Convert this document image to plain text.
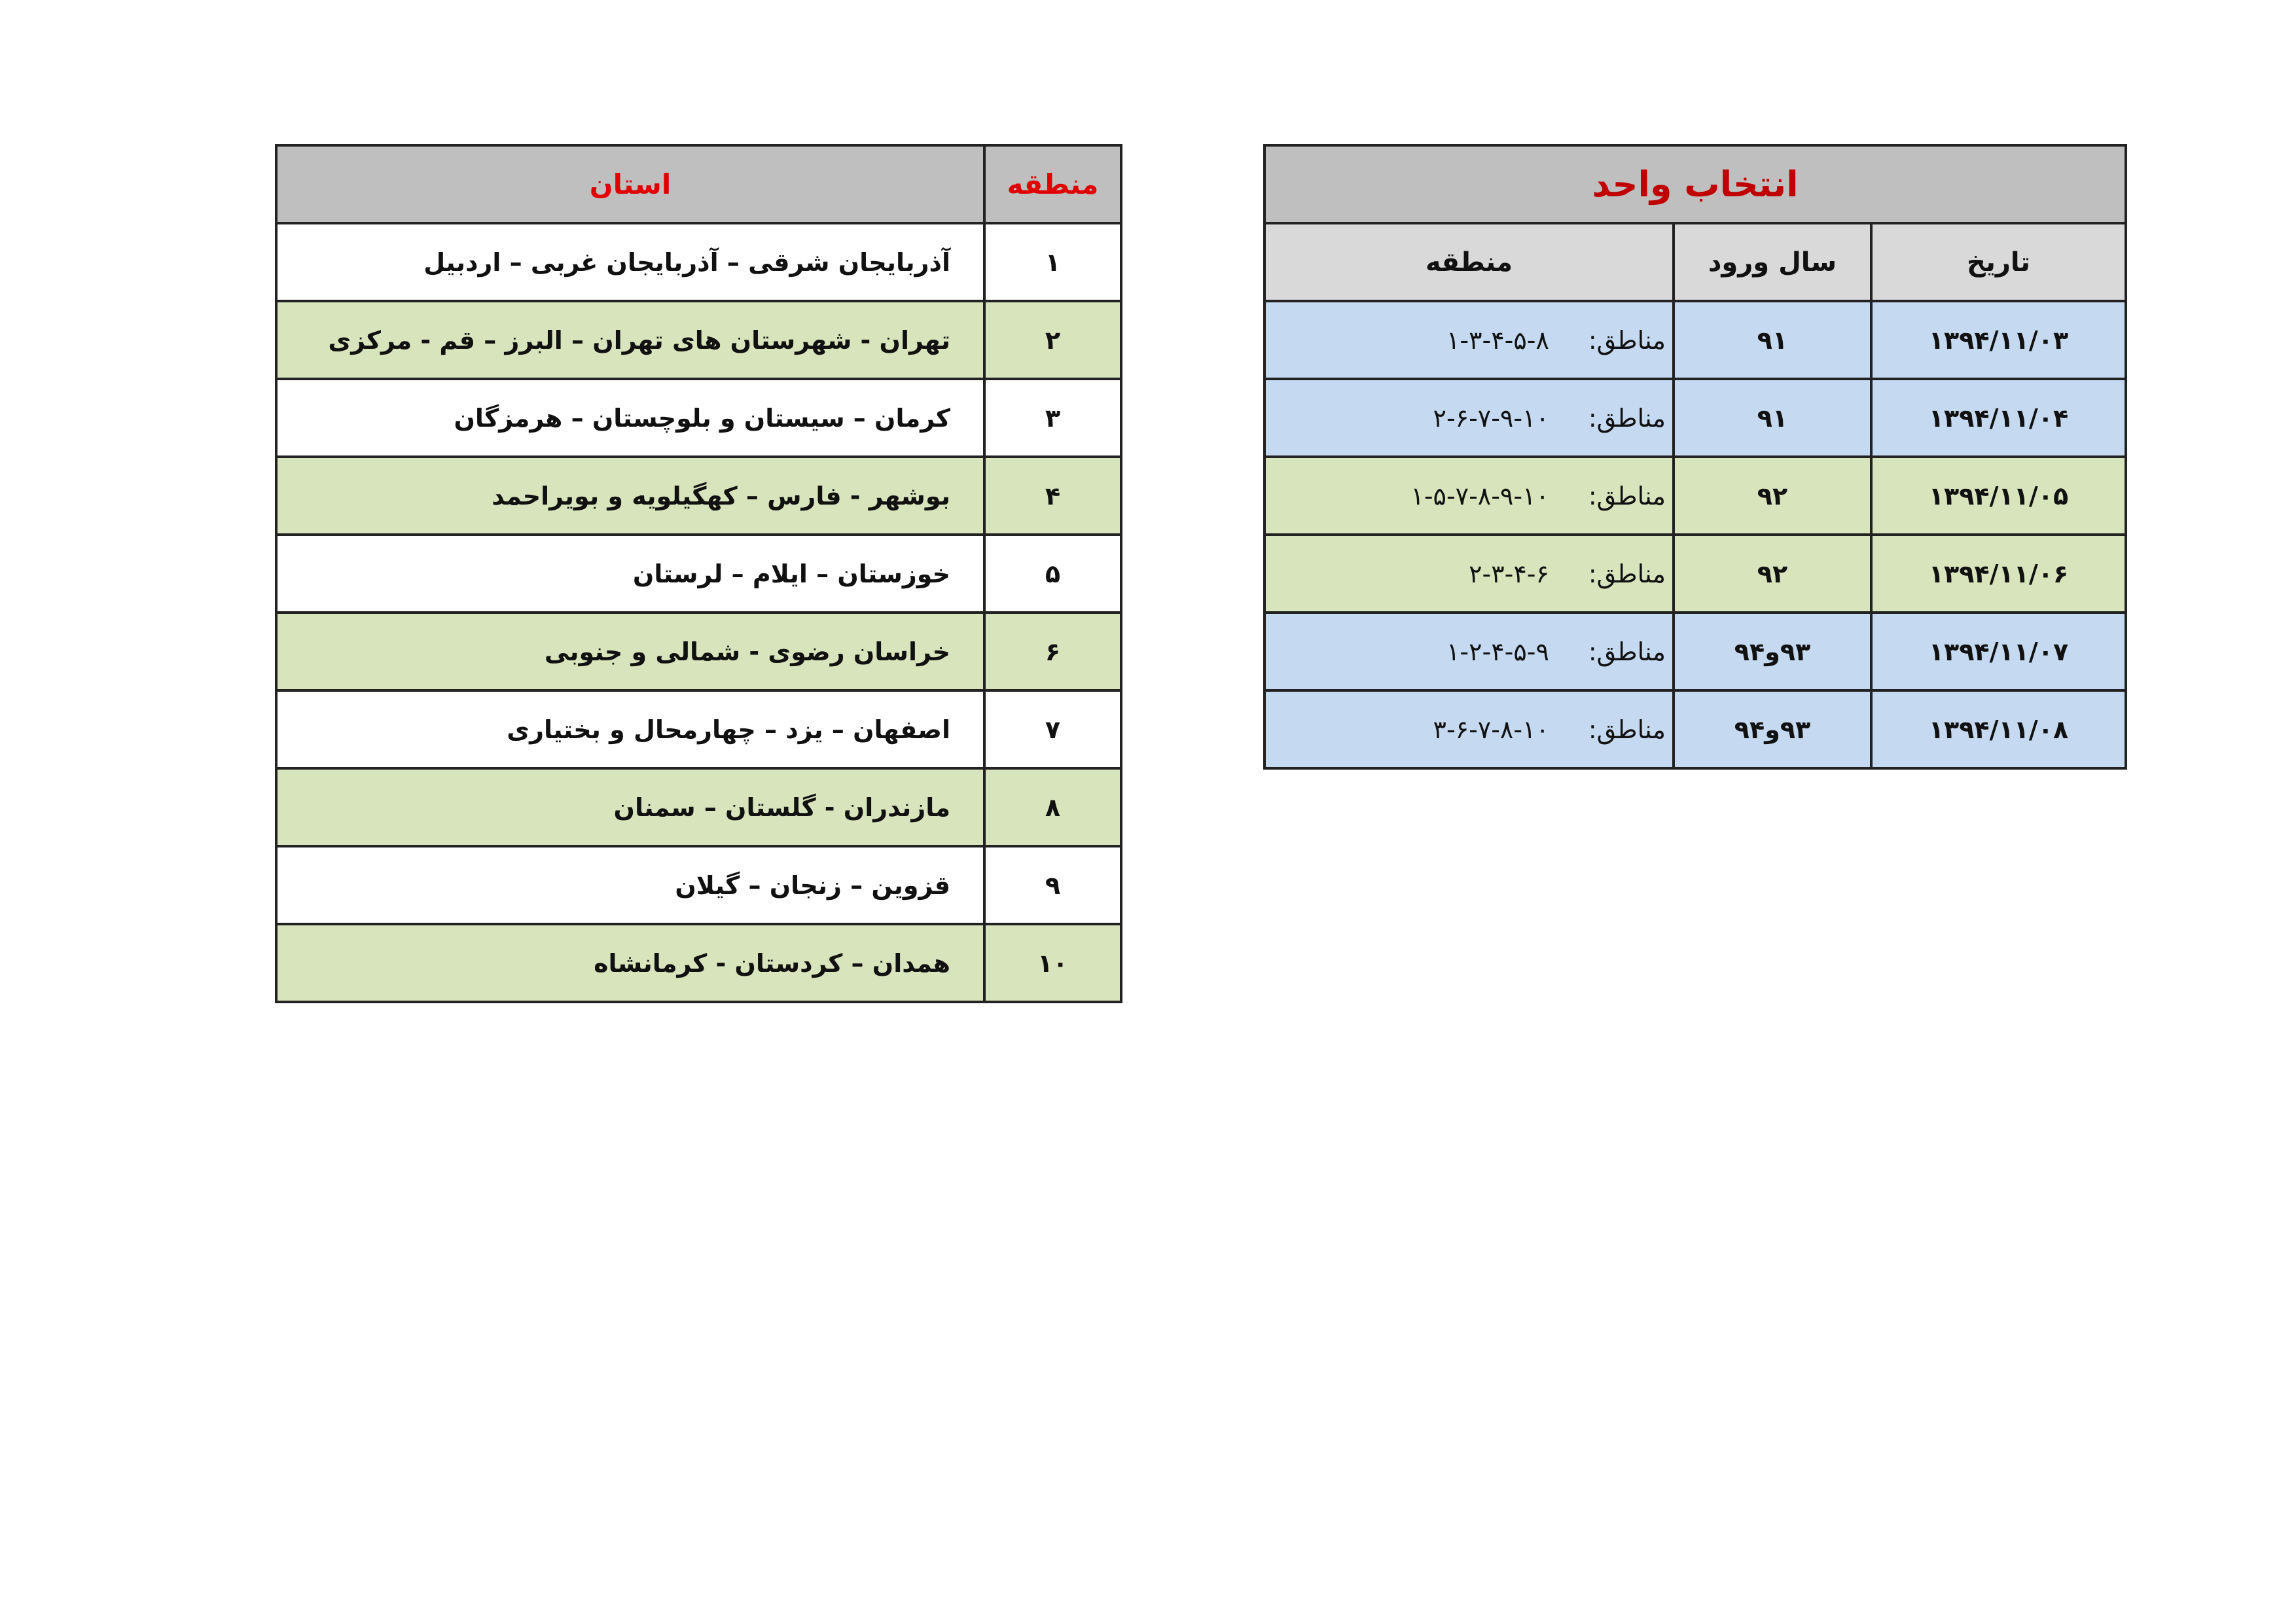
انتخاب واحد		
تاریخ	سال ورود	منطقه
۱۳۹۴/۱۱/۰۳	۹۱	مناطق:۱-۳-۴-۵-۸
۱۳۹۴/۱۱/۰۴	۹۱	مناطق:۲-۶-۷-۹-۱۰
۱۳۹۴/۱۱/۰۵	۹۲	مناطق:۱-۵-۷-۸-۹-۱۰
۱۳۹۴/۱۱/۰۶	۹۲	مناطق:۲-۳-۴-۶
۱۳۹۴/۱۱/۰۷	۹۳و۹۴	مناطق:۱-۲-۴-۵-۹
۱۳۹۴/۱۱/۰۸	۹۳و۹۴	مناطق:۳-۶-۷-۸-۱۰
منطقه	استان
۱	آذربایجان شرقی – آذربایجان غربی – اردبیل
۲	تهران - شهرستان های تهران – البرز – قم - مرکزی
۳	کرمان – سیستان و بلوچستان – هرمزگان
۴	بوشهر - فارس – کهگیلویه و بویراحمد
۵	خوزستان – ایلام – لرستان
۶	خراسان رضوی - شمالی و جنوبی
۷	اصفهان – یزد – چهارمحال و بختیاری
۸	مازندران - گلستان – سمنان
۹	قزوین – زنجان – گیلان
۱۰	همدان – کردستان - کرمانشاه
